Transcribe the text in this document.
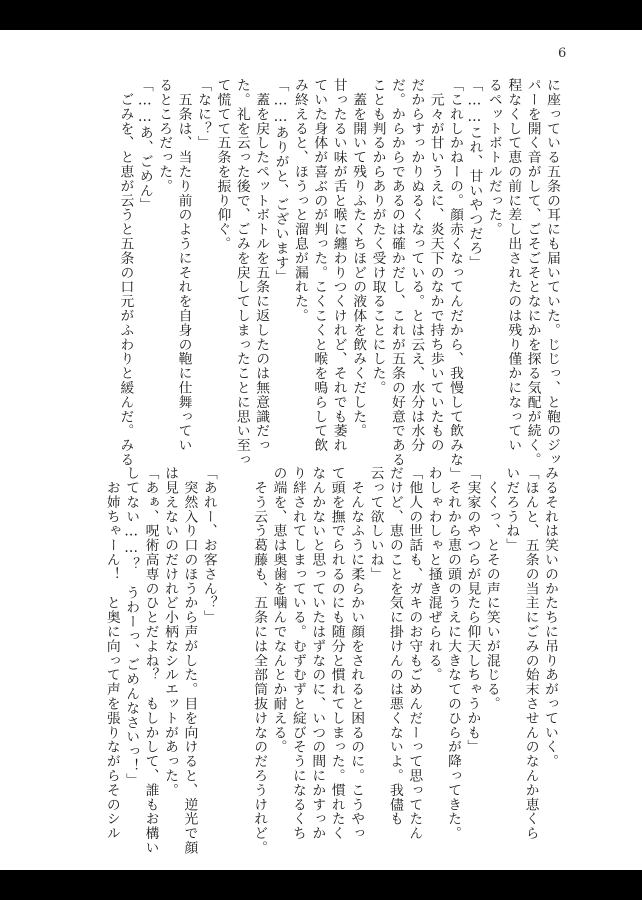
6
に座っている五条の耳にも届いていた。じじっ、と鞄のジッ
パーを開く音がして、ごそごそとなにかを探る気配が続く。
程なくして恵の前に差し出されたのは残り僅かになってい
るペットボトルだった。
「……これ、甘いやつだろ」
「これしかねーの。顔赤くなってんだから、我慢して飲みな」
　元々が甘いうえに、炎天下のなかで持ち歩いていたもの
だからすっかりぬるくなっている。とは云え、水分は水分
だ。からからであるのは確かだし、これが五条の好意である
ことも判るからありがたく受け取ることにした。
　蓋を開いて残りふたくちほどの液体を飲みくだした。
甘ったるい味が舌と喉に纏わりつくけれど、それでも萎れ
ていた身体が喜ぶのが判った。こくこくと喉を鳴らして飲
み終えると、ほうっと溜息が漏れた。
「……ありがと、ございます」
　蓋を戻したペットボトルを五条に返したのは無意識だっ
た。礼を云った後で、ごみを戻してしまったことに思い至っ
て慌てて五条を振り仰ぐ。
「なに？」
　五条は、当たり前のようにそれを自身の鞄に仕舞ってい
るところだった。
「……あ、ごめん」
　ごみを、と恵が云うと五条の口元がふわりと緩んだ。みる
みるそれは笑いのかたちに吊りあがっていく。
「ほんと、五条の当主にごみの始末させんのなんか恵くら
いだろうね」
　くくっ、とその声に笑いが混じる。
「実家のやつらが見たら仰天しちゃうかも」
　それから恵の頭のうえに大きなてのひらが降ってきた。
わしゃわしゃと掻き混ぜられる。
「他人の世話も、ガキのお守もごめんだーって思ってたん
だけど、恵のことを気に掛けんのは悪くないよ。我儘も
云って欲しいね」
　そんなふうに柔らかい顔をされると困るのに。こうやっ
て頭を撫でられるのにも随分と慣れてしまった。慣れたく
なんかないと思っていたはずなのに、いつの間にかすっか
り絆されてしまっている。むずむずと綻びそうになるくち
の端を、恵は奥歯を噛んでなんとか耐える。
　そう云う葛藤も、五条には全部筒抜けなのだろうけれど。
「あれー、お客さん？」
　突然入り口のほうから声がした。目を向けると、逆光で顔
は見えないのだけれど小柄なシルエットがあった。
「あぁ、呪術高専のひとだよね？　もしかして、誰もお構い
してない……？　うわーっ、ごめんなさいっ！」
　お姉ちゃーん！　と奥に向って声を張りながらそのシル
